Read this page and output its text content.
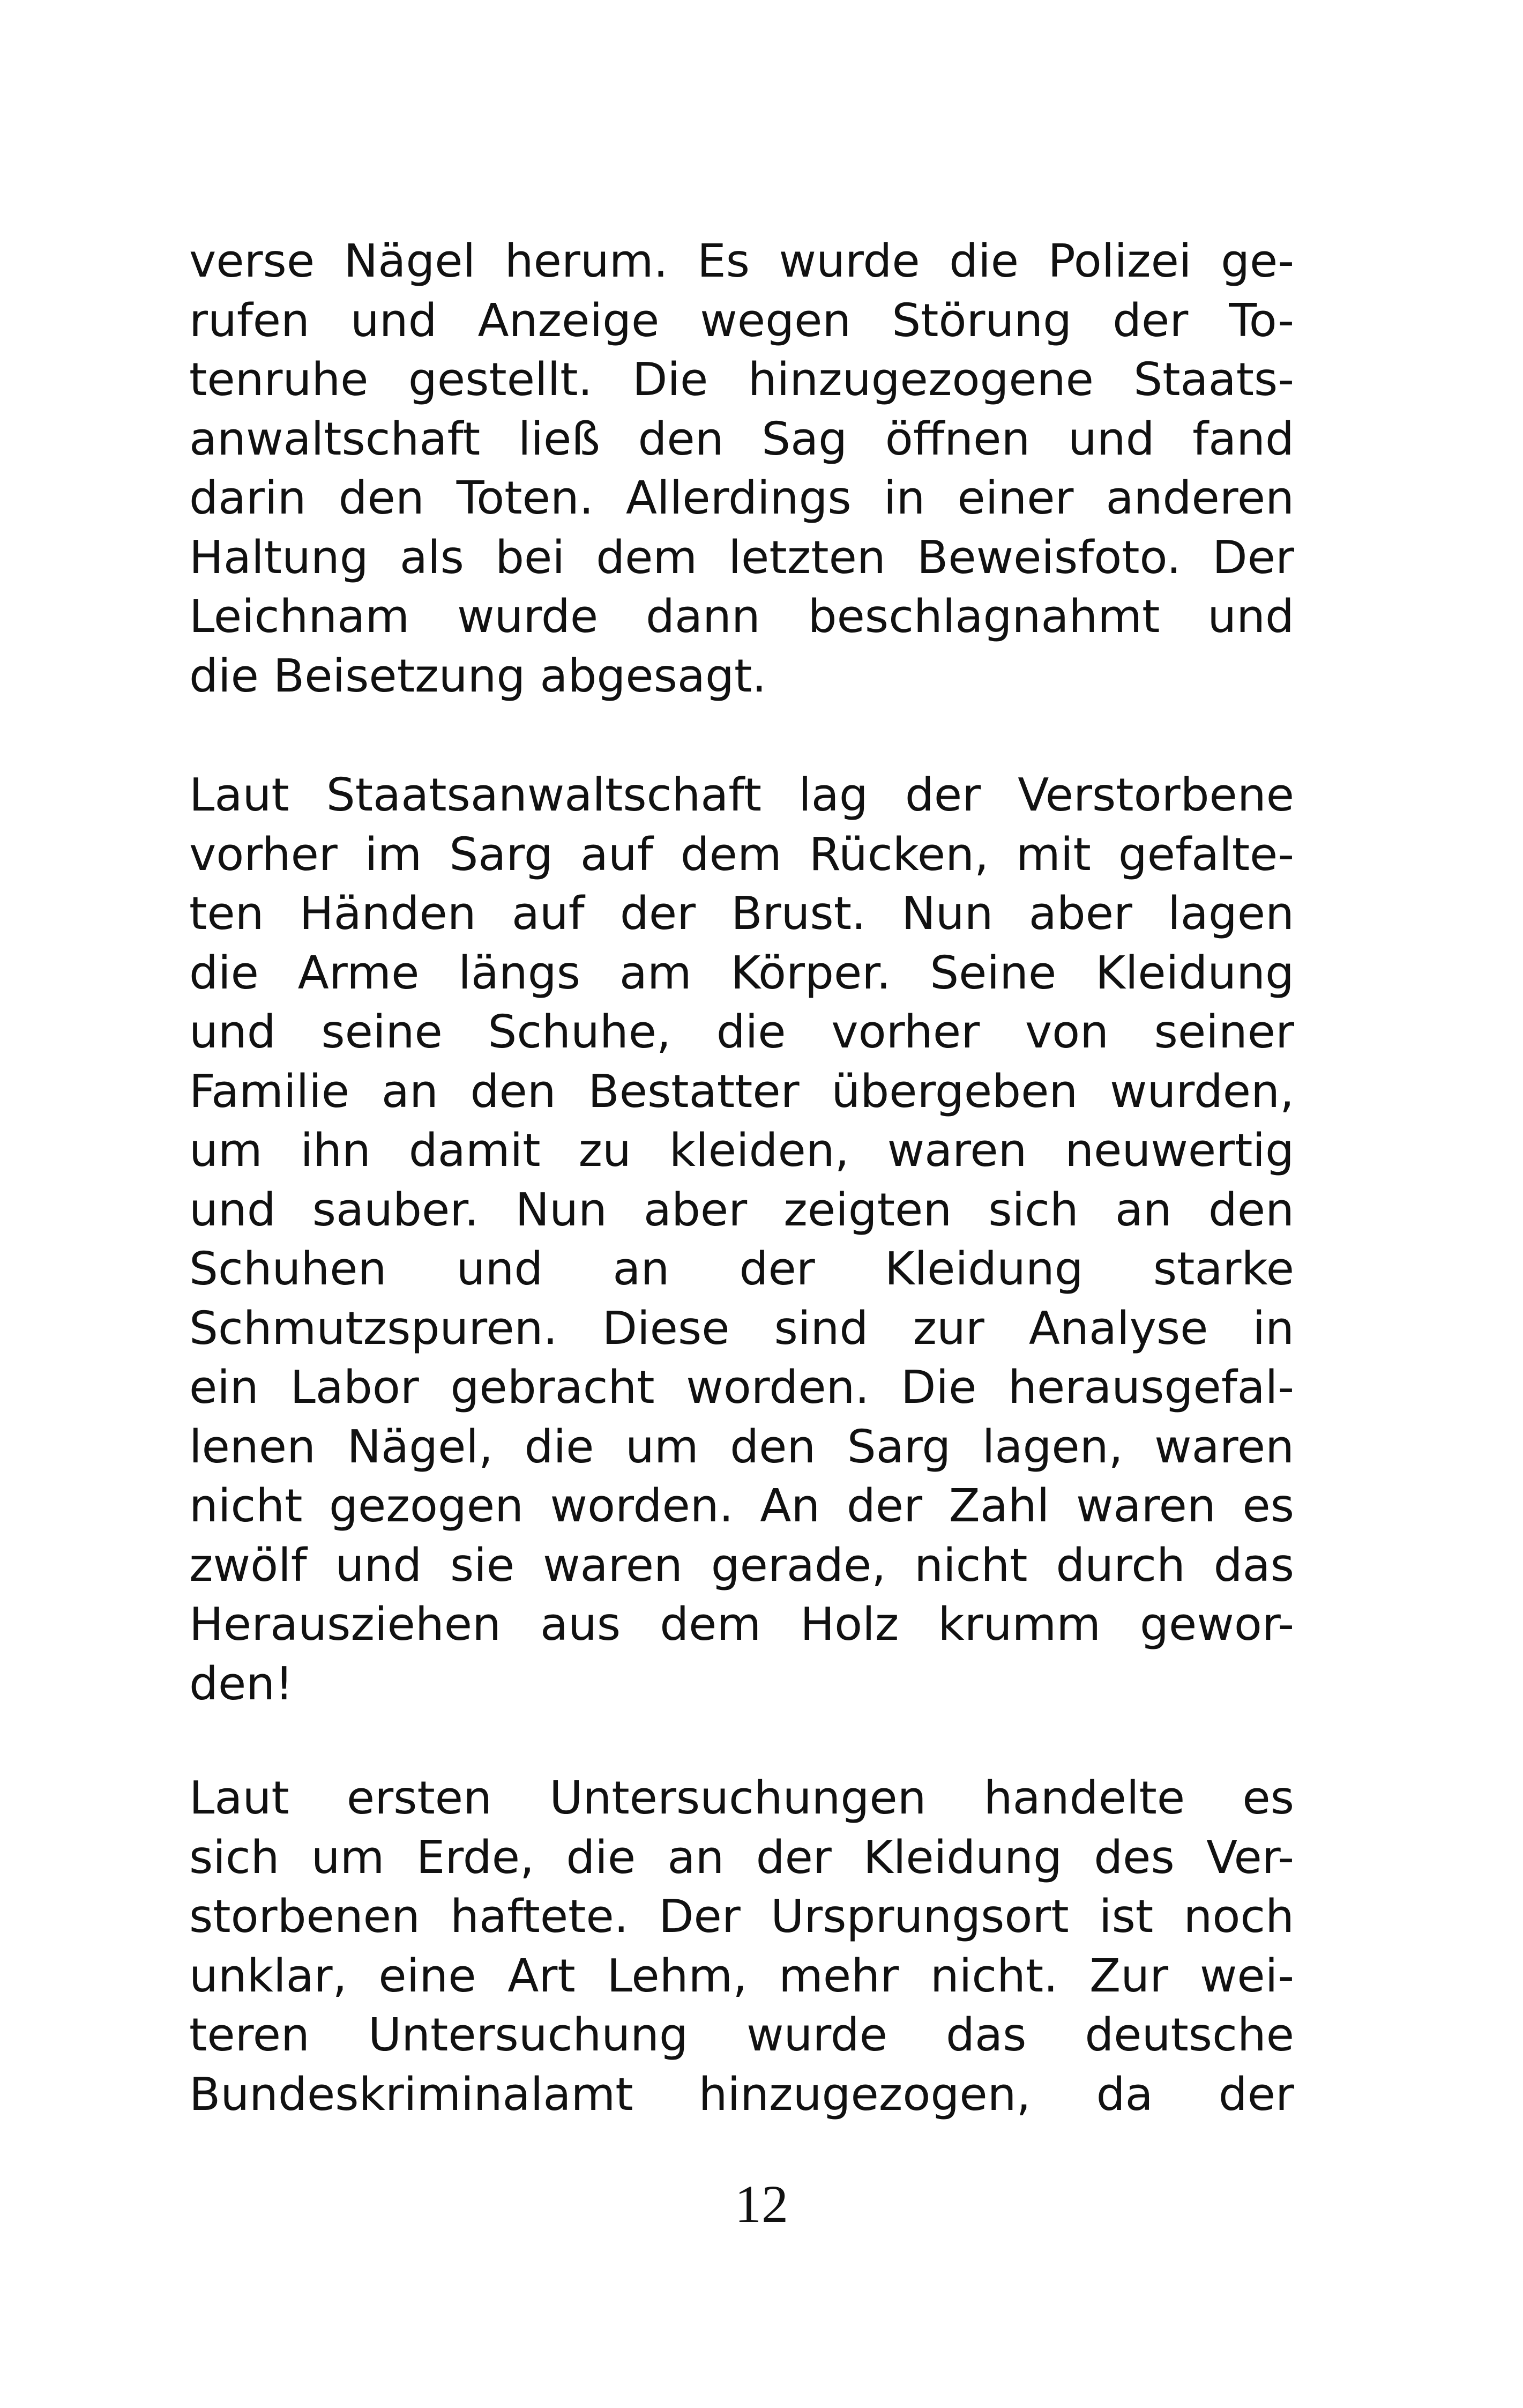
verse Nägel herum. Es wurde die Polizei ge-
rufen und Anzeige wegen Störung der To-
tenruhe gestellt. Die hinzugezogene Staats-
anwaltschaft ließ den Sag öffnen und fand
darin den Toten. Allerdings in einer anderen
Haltung als bei dem letzten Beweisfoto. Der
Leichnam wurde dann beschlagnahmt und
die Beisetzung abgesagt.
Laut Staatsanwaltschaft lag der Verstorbene
vorher im Sarg auf dem Rücken, mit gefalte-
ten Händen auf der Brust. Nun aber lagen
die Arme längs am Körper. Seine Kleidung
und seine Schuhe, die vorher von seiner
Familie an den Bestatter übergeben wurden,
um ihn damit zu kleiden, waren neuwertig
und sauber. Nun aber zeigten sich an den
Schuhen und an der Kleidung starke
Schmutzspuren. Diese sind zur Analyse in
ein Labor gebracht worden. Die herausgefal-
lenen Nägel, die um den Sarg lagen, waren
nicht gezogen worden. An der Zahl waren es
zwölf und sie waren gerade, nicht durch das
Herausziehen aus dem Holz krumm gewor-
den!
Laut ersten Untersuchungen handelte es
sich um Erde, die an der Kleidung des Ver-
storbenen haftete. Der Ursprungsort ist noch
unklar, eine Art Lehm, mehr nicht. Zur wei-
teren Untersuchung wurde das deutsche
Bundeskriminalamt hinzugezogen, da der
12
